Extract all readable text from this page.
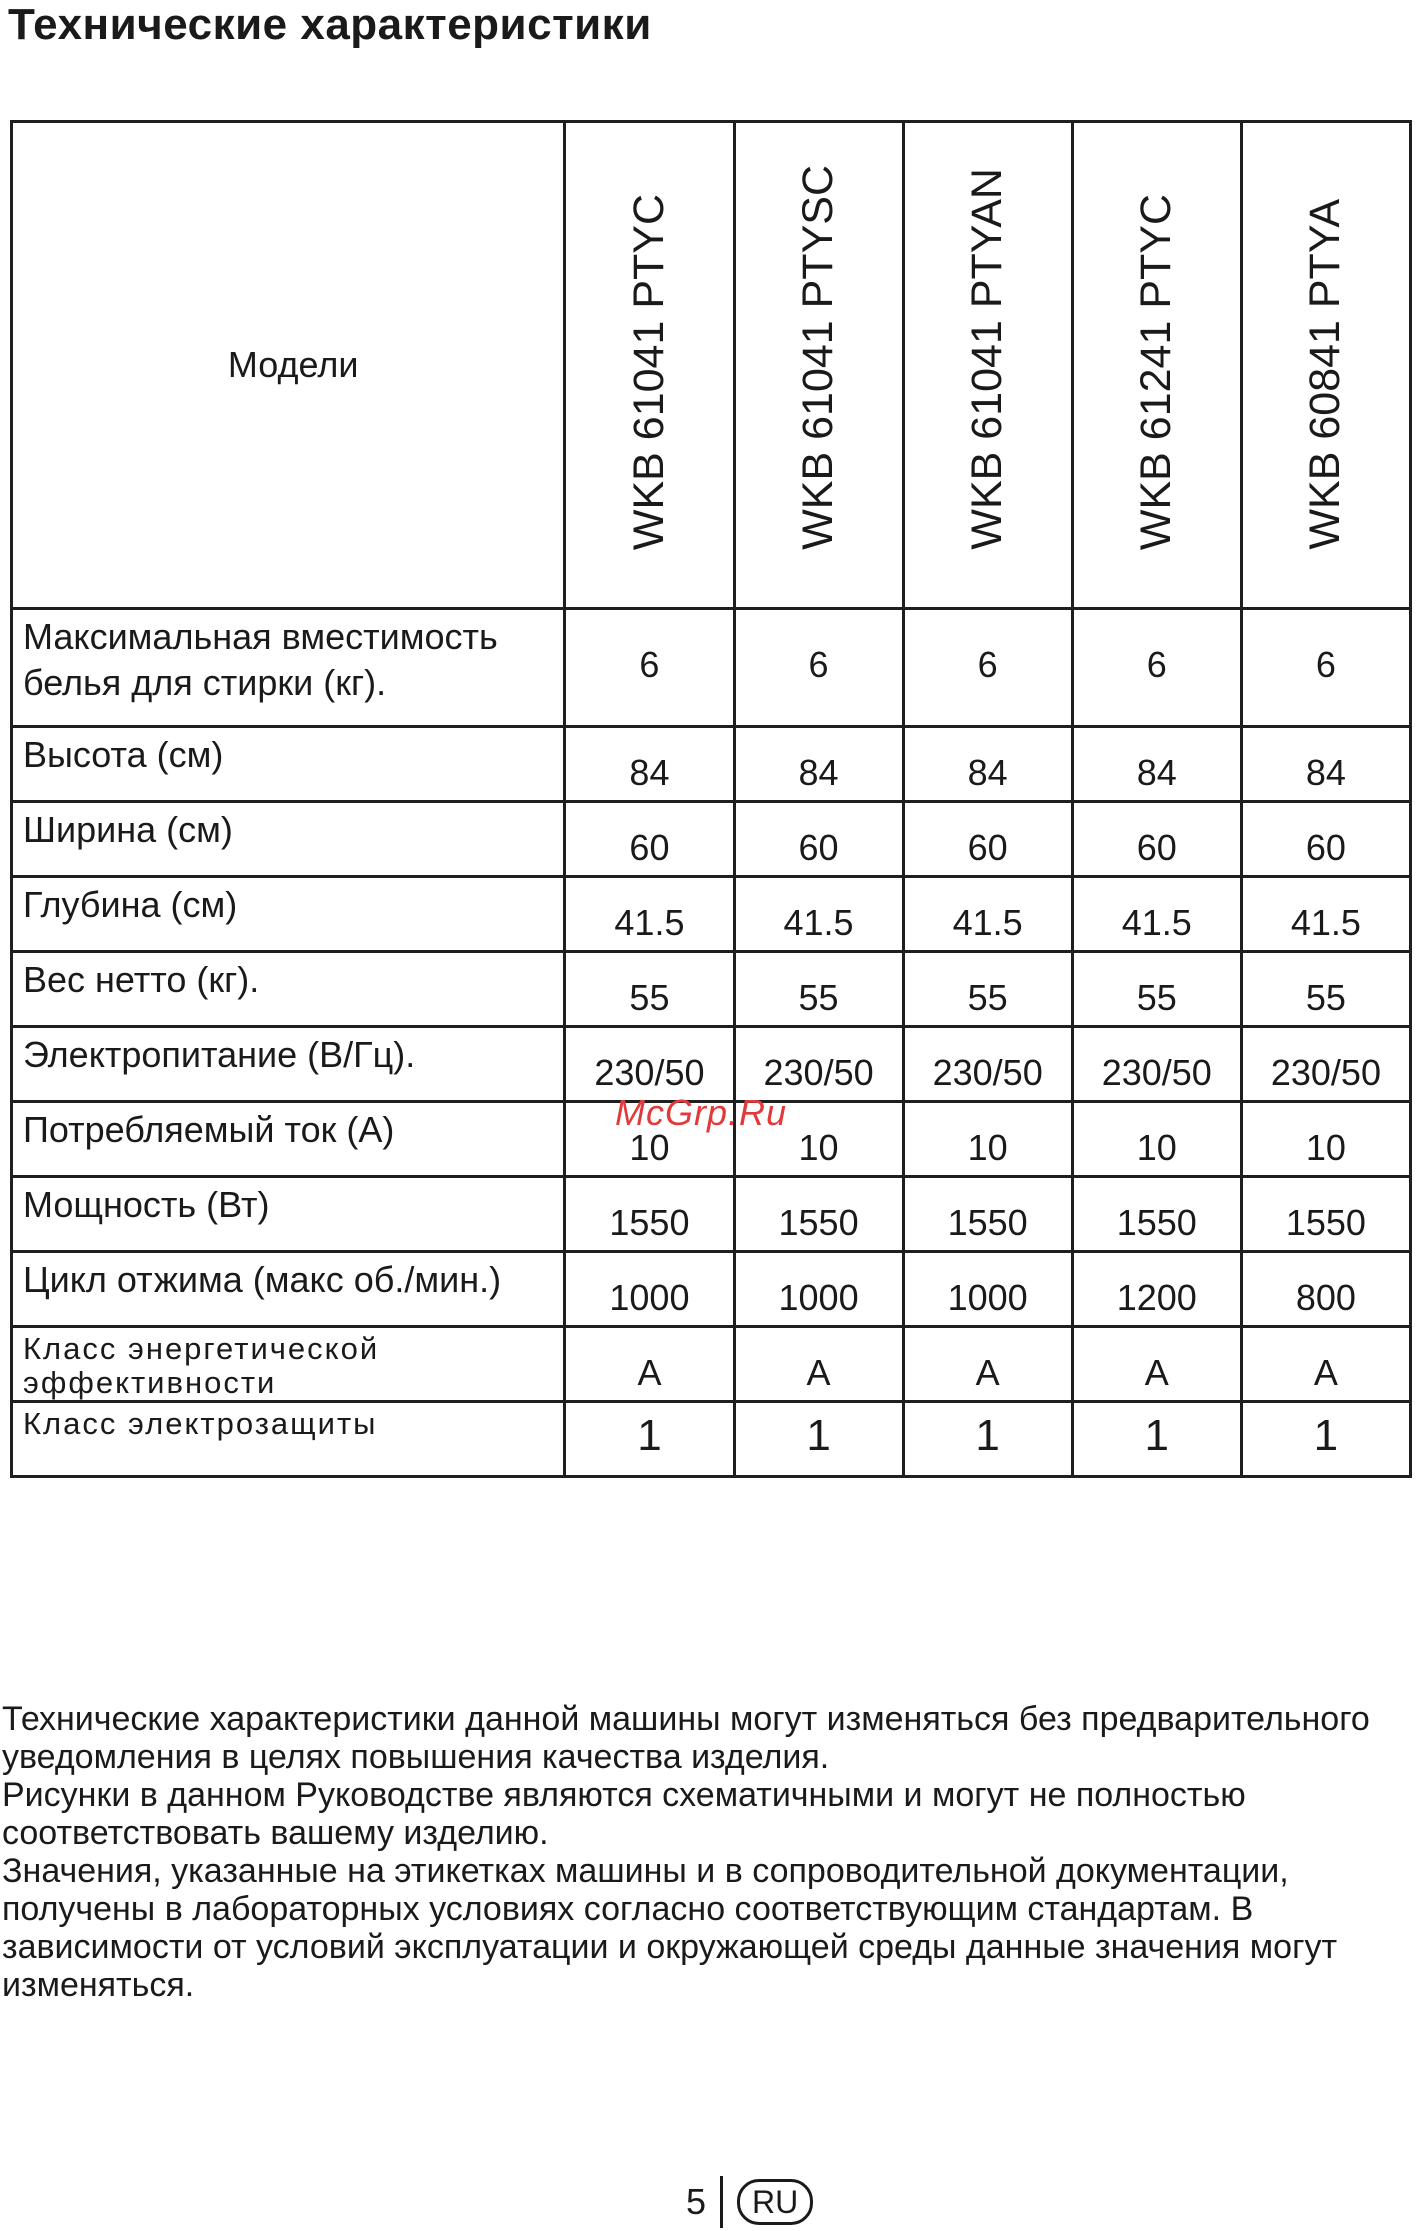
Технические характеристики
Модели	WKB 61041 PTYC	WKB 61041 PTYSC	WKB 61041 PTYAN	WKB 61241 PTYC	WKB 60841 PTYA
Максимальная вместимость белья для стирки (кг).	6	6	6	6	6
Высота (см)	84	84	84	84	84
Ширина (см)	60	60	60	60	60
Глубина (см)	41.5	41.5	41.5	41.5	41.5
Вес нетто (кг).	55	55	55	55	55
Электропитание (В/Гц).	230/50	230/50	230/50	230/50	230/50
Потребляемый ток (А)	10	10	10	10	10
Мощность (Вт)	1550	1550	1550	1550	1550
Цикл отжима (макс об./мин.)	1000	1000	1000	1200	800
Класс энергетической эффективности	A	A	A	A	A
Класс электрозащиты	1	1	1	1	1
McGrp.Ru

Технические характеристики данной машины могут изменяться без предварительного уведомления в целях повышения качества изделия.

Рисунки в данном Руководстве являются схематичными и могут не полностью соответствовать вашему изделию.

Значения, указанные на этикетках машины и в сопроводительной документации, получены в лабораторных условиях согласно соответствующим стандартам. В зависимости от условий эксплуатации и окружающей среды данные значения могут изменяться.

5	RU
